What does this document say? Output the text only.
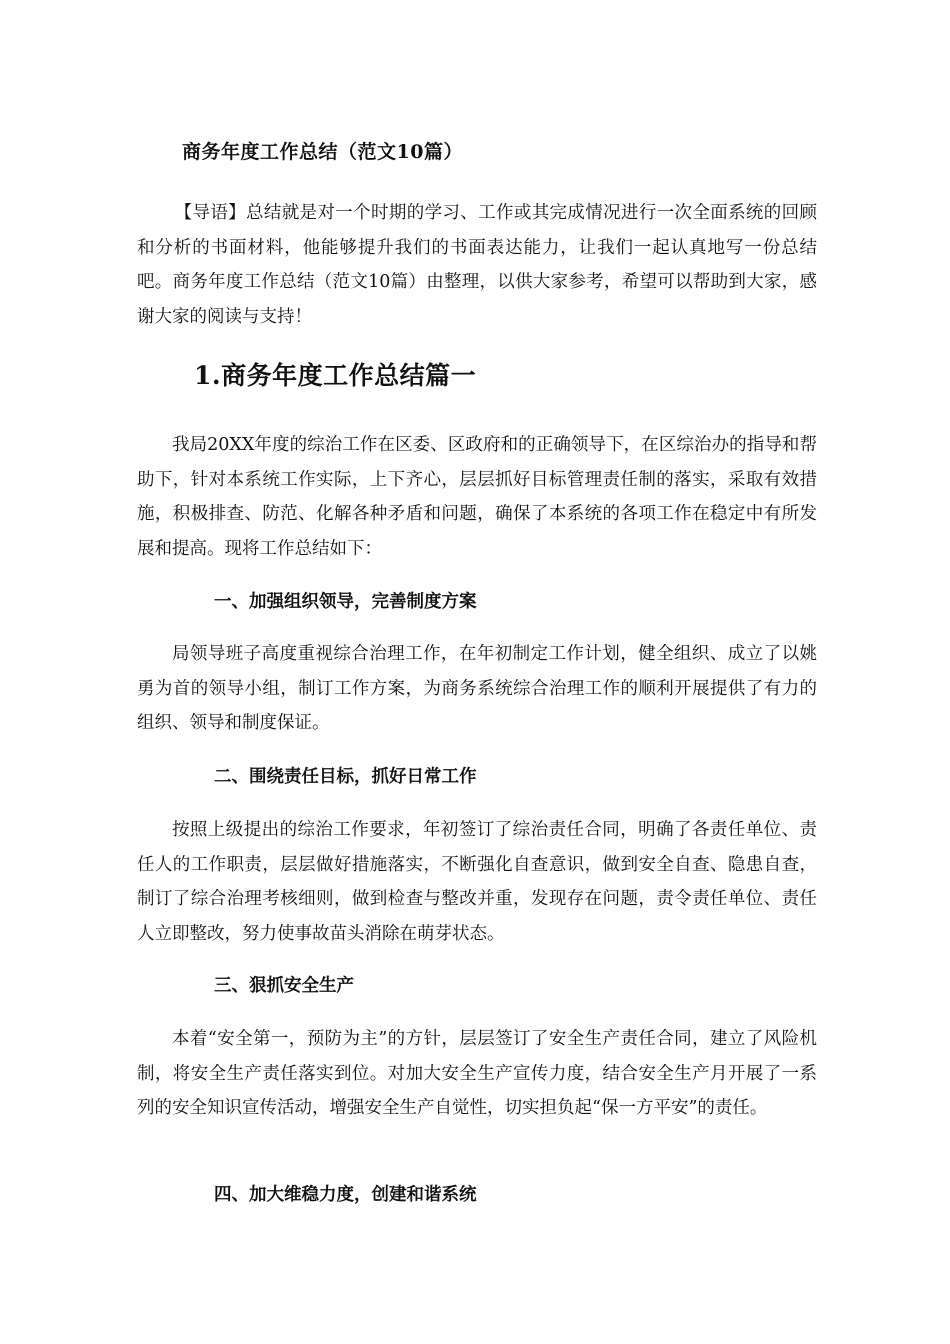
商务年度工作总结（范文10篇）

【导语】总结就是对一个时期的学习、工作或其完成情况进行一次全面系统的回顾和分析的书面材料，他能够提升我们的书面表达能力，让我们一起认真地写一份总结吧。商务年度工作总结（范文10篇）由整理，以供大家参考，希望可以帮助到大家，感谢大家的阅读与支持！

1.商务年度工作总结篇一

我局20XX年度的综治工作在区委、区政府和的正确领导下，在区综治办的指导和帮助下，针对本系统工作实际，上下齐心，层层抓好目标管理责任制的落实，采取有效措施，积极排查、防范、化解各种矛盾和问题，确保了本系统的各项工作在稳定中有所发展和提高。现将工作总结如下：

一、加强组织领导，完善制度方案

局领导班子高度重视综合治理工作，在年初制定工作计划，健全组织、成立了以姚勇为首的领导小组，制订工作方案，为商务系统综合治理工作的顺利开展提供了有力的组织、领导和制度保证。

二、围绕责任目标，抓好日常工作

按照上级提出的综治工作要求，年初签订了综治责任合同，明确了各责任单位、责任人的工作职责，层层做好措施落实，不断强化自查意识，做到安全自查、隐患自查，制订了综合治理考核细则，做到检查与整改并重，发现存在问题，责令责任单位、责任人立即整改，努力使事故苗头消除在萌芽状态。

三、狠抓安全生产

本着“安全第一，预防为主”的方针，层层签订了安全生产责任合同，建立了风险机制，将安全生产责任落实到位。对加大安全生产宣传力度，结合安全生产月开展了一系列的安全知识宣传活动，增强安全生产自觉性，切实担负起“保一方平安”的责任。

四、加大维稳力度，创建和谐系统
